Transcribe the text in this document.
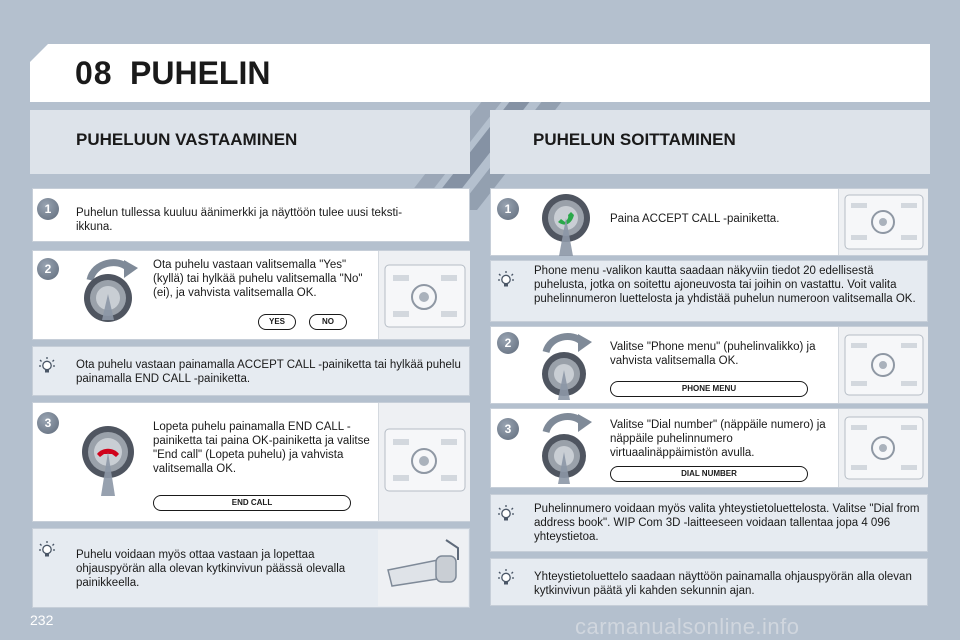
08 PUHELIN
PUHELUUN VASTAAMINEN	PUHELUN SOITTAMINEN
1	Puhelun tullessa kuuluu äänimerkki ja näyttöön tulee uusi teksti-ikkuna.
2	Ota puhelu vastaan valitsemalla "Yes" (kyllä) tai hylkää puhelu valitsemalla "No" (ei), ja vahvista valitsemalla OK.
YES	NO
Ota puhelu vastaan painamalla ACCEPT CALL -painiketta tai hylkää puhelu painamalla END CALL -painiketta.
3	Lopeta puhelu painamalla END CALL -painiketta tai paina OK-painiketta ja valitse "End call" (Lopeta puhelu) ja vahvista valitsemalla OK.
END CALL
Puhelu voidaan myös ottaa vastaan ja lopettaa ohjauspyörän alla olevan kytkinvivun päässä olevalla painikkeella.
1
Paina ACCEPT CALL -painiketta.
Phone menu -valikon kautta saadaan näkyviin tiedot 20 edellisestä puhelusta, jotka on soitettu ajoneuvosta tai joihin on vastattu. Voit valita puhelinnumeron luettelosta ja yhdistää puhelun numeroon valitsemalla OK.
2	Valitse "Phone menu" (puhelinvalikko) ja vahvista valitsemalla OK.
PHONE MENU
3	Valitse "Dial number" (näppäile numero) ja näppäile puhelinnumero virtuaalinäppäimistön avulla.
DIAL NUMBER
Puhelinnumero voidaan myös valita yhteystietoluettelosta. Valitse "Dial from address book". WIP Com 3D -laitteeseen voidaan tallentaa jopa 4 096 yhteystietoa.
Yhteystietoluettelo saadaan näyttöön painamalla ohjauspyörän alla olevan kytkinvivun päätä yli kahden sekunnin ajan.
232	carmanualsonline.info
